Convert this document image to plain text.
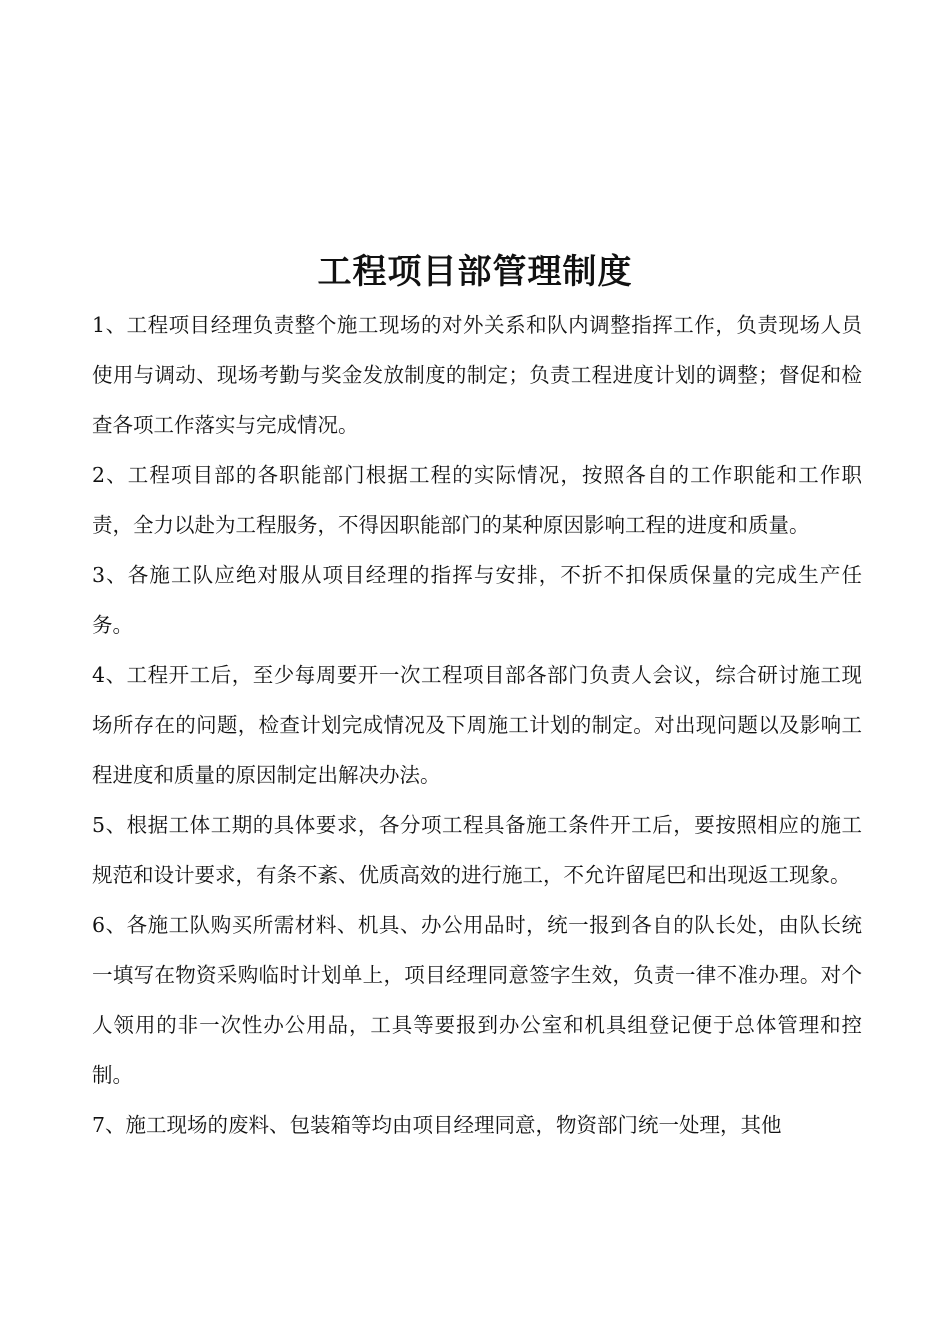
工程项目部管理制度

1、工程项目经理负责整个施工现场的对外关系和队内调整指挥工作，负责现场人员使用与调动、现场考勤与奖金发放制度的制定；负责工程进度计划的调整；督促和检查各项工作落实与完成情况。

2、工程项目部的各职能部门根据工程的实际情况，按照各自的工作职能和工作职责，全力以赴为工程服务，不得因职能部门的某种原因影响工程的进度和质量。

3、各施工队应绝对服从项目经理的指挥与安排，不折不扣保质保量的完成生产任务。

4、工程开工后，至少每周要开一次工程项目部各部门负责人会议，综合研讨施工现场所存在的问题，检查计划完成情况及下周施工计划的制定。对出现问题以及影响工程进度和质量的原因制定出解决办法。

5、根据工体工期的具体要求，各分项工程具备施工条件开工后，要按照相应的施工规范和设计要求，有条不紊、优质高效的进行施工，不允许留尾巴和出现返工现象。

6、各施工队购买所需材料、机具、办公用品时，统一报到各自的队长处，由队长统一填写在物资采购临时计划单上，项目经理同意签字生效，负责一律不准办理。对个人领用的非一次性办公用品，工具等要报到办公室和机具组登记便于总体管理和控制。

7、施工现场的废料、包装箱等均由项目经理同意，物资部门统一处理，其他
